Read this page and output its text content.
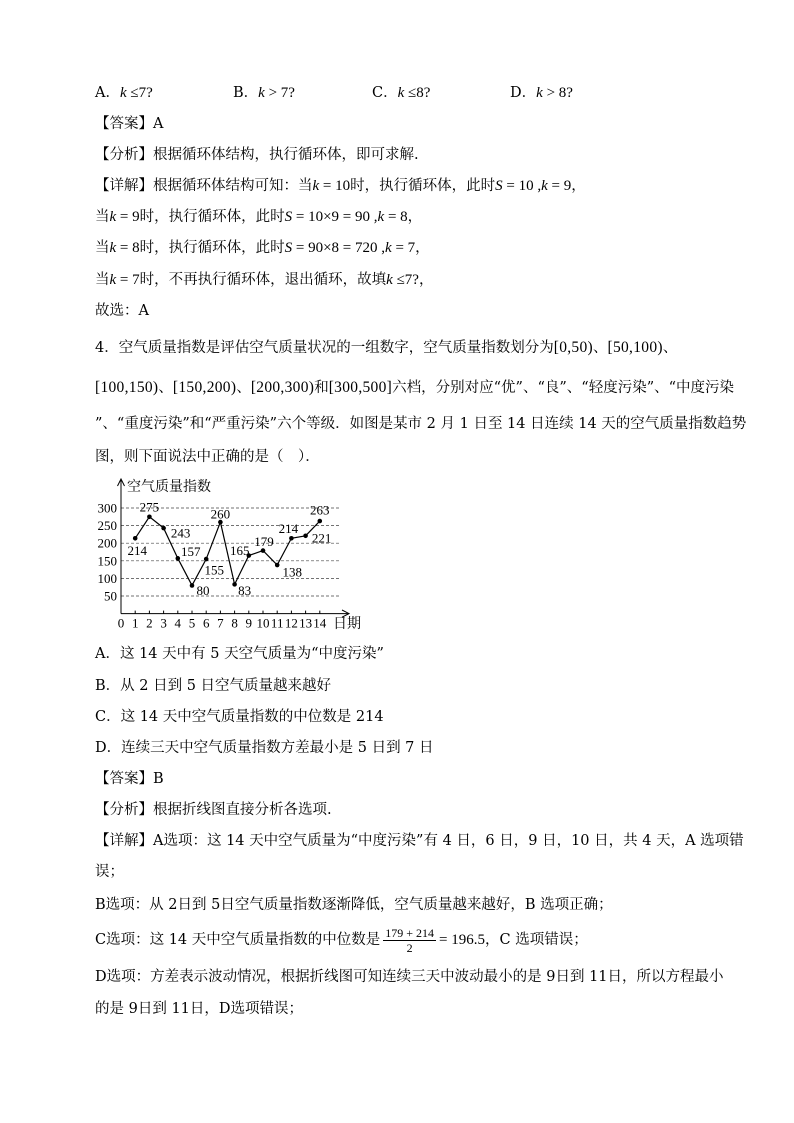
A． k ≤7?	B． k > 7?	C． k ≤8?	D． k > 8?
【答案】 A
【分析】 根据循环体结构，执行循环体，即可求解.
【详解】 根据循环体结构可知：当 k = 10 时，执行循环体，此时 S = 10 , k = 9 ，
当 k = 9 时，执行循环体，此时 S = 10×9 = 90 , k = 8 ，
当 k = 8 时，执行循环体，此时 S = 90×8 = 720 , k = 7 ，
当 k = 7 时，不再执行循环体，退出循环，故填 k ≤7? ，
故选：A
4． 空气质量指数是评估空气质量状况的一组数字，空气质量指数划分为 [0,50) 、 [50,100) 、
[100,150) 、 [150,200) 、 [200,300) 和 [300,500] 六档，分别对应“优”、“良”、“轻度污染”、“中度污染
”、“重度污染”和“严重污染”六个等级．如图是某市 2 月 1 日至 14 日连续 14 天的空气质量指数趋势
图，则下面说法中正确的是（　）．
50
100
150
200
250
300
0 1 2 3 4 5 6 7 8 9 10 11 12 13 14
空气质量指数
日期
214
275
243
157
80
155
260
83
165
179
138
214
221
263
A．这 14 天中有 5 天空气质量为“中度污染”
B．从 2 日到 5 日空气质量越来越好
C．这 14 天中空气质量指数的中位数是 214
D．连续三天中空气质量指数方差最小是 5 日到 7 日
【答案】 B
【分析】 根据折线图直接分析各选项.
【详解】 A选项：这 14 天中空气质量为“中度污染”有 4 日，6 日，9 日，10 日，共 4 天，A 选项错
误；
B选项：从 2日到 5日空气质量指数逐渐降低，空气质量越来越好，B 选项正确；
C选项：这 14 天中空气质量指数的中位数是 $\frac{179 + 214}{2} = 196.5$ ，C 选项错误；
D选项：方差表示波动情况，根据折线图可知连续三天中波动最小的是 9日到 11日，所以方程最小
的是 9日到 11日，D选项错误；
